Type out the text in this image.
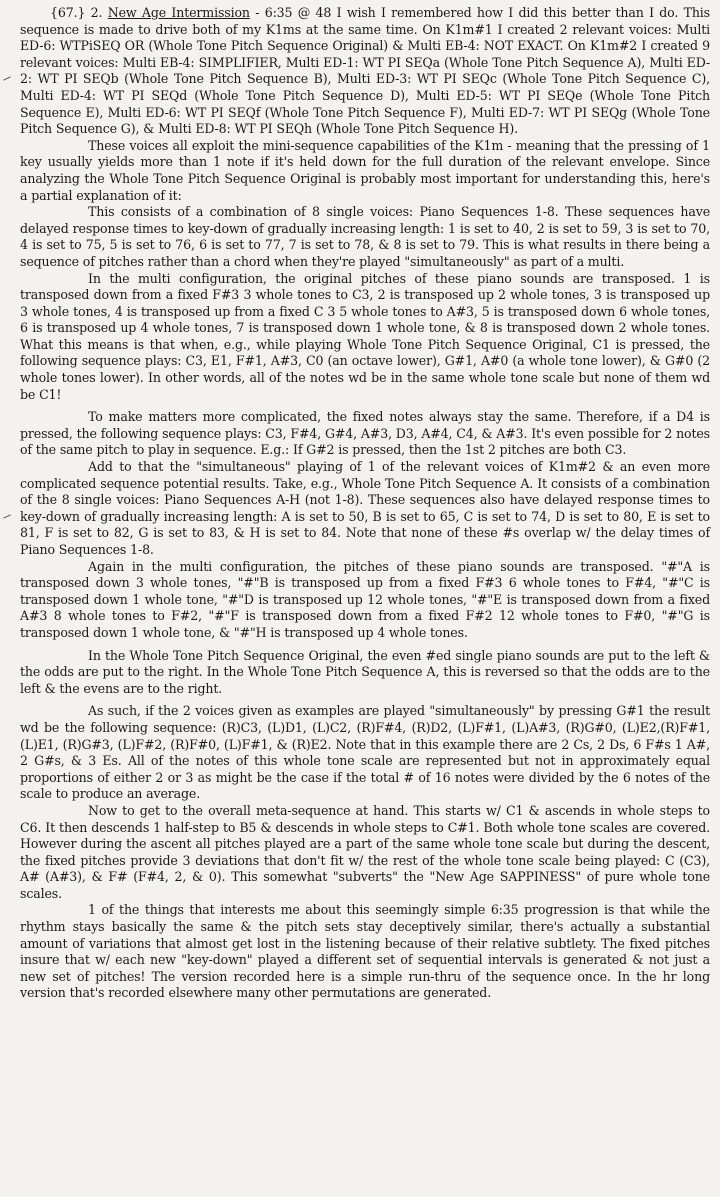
{67.} 2. New Age Intermission - 6:35 @ 48 I wish I remembered how I did this better than I do. This sequence is made to drive both of my K1ms at the same time. On K1m#1 I created 2 relevant voices: Multi ED-6: WTPiSEQ OR (Whole Tone Pitch Sequence Original) & Multi EB-4: NOT EXACT. On K1m#2 I created 9 relevant voices: Multi EB-4: SIMPLIFIER, Multi ED-1: WT PI SEQa (Whole Tone Pitch Sequence A), Multi ED-2: WT PI SEQb (Whole Tone Pitch Sequence B), Multi ED-3: WT PI SEQc (Whole Tone Pitch Sequence C), Multi ED-4: WT PI SEQd (Whole Tone Pitch Sequence D), Multi ED-5: WT PI SEQe (Whole Tone Pitch Sequence E), Multi ED-6: WT PI SEQf (Whole Tone Pitch Sequence F), Multi ED-7: WT PI SEQg (Whole Tone Pitch Sequence G), & Multi ED-8: WT PI SEQh (Whole Tone Pitch Sequence H).

These voices all exploit the mini-sequence capabilities of the K1m - meaning that the pressing of 1 key usually yields more than 1 note if it's held down for the full duration of the relevant envelope. Since analyzing the Whole Tone Pitch Sequence Original is probably most important for understanding this, here's a partial explanation of it:

This consists of a combination of 8 single voices: Piano Sequences 1-8. These sequences have delayed response times to key-down of gradually increasing length: 1 is set to 40, 2 is set to 59, 3 is set to 70, 4 is set to 75, 5 is set to 76, 6 is set to 77, 7 is set to 78, & 8 is set to 79. This is what results in there being a sequence of pitches rather than a chord when they're played "simultaneously" as part of a multi.

In the multi configuration, the original pitches of these piano sounds are transposed. 1 is transposed down from a fixed F#3 3 whole tones to C3, 2 is transposed up 2 whole tones, 3 is transposed up 3 whole tones, 4 is transposed up from a fixed C 3 5 whole tones to A#3, 5 is transposed down 6 whole tones, 6 is transposed up 4 whole tones, 7 is transposed down 1 whole tone, & 8 is transposed down 2 whole tones. What this means is that when, e.g., while playing Whole Tone Pitch Sequence Original, C1 is pressed, the following sequence plays: C3, E1, F#1, A#3, C0 (an octave lower), G#1, A#0 (a whole tone lower), & G#0 (2 whole tones lower). In other words, all of the notes wd be in the same whole tone scale but none of them wd be C1!

To make matters more complicated, the fixed notes always stay the same. Therefore, if a D4 is pressed, the following sequence plays: C3, F#4, G#4, A#3, D3, A#4, C4, & A#3. It's even possible for 2 notes of the same pitch to play in sequence. E.g.: If G#2 is pressed, then the 1st 2 pitches are both C3.

Add to that the "simultaneous" playing of 1 of the relevant voices of K1m#2 & an even more complicated sequence potential results. Take, e.g., Whole Tone Pitch Sequence A. It consists of a combination of the 8 single voices: Piano Sequences A-H (not 1-8). These sequences also have delayed response times to key-down of gradually increasing length: A is set to 50, B is set to 65, C is set to 74, D is set to 80, E is set to 81, F is set to 82, G is set to 83, & H is set to 84. Note that none of these #s overlap w/ the delay times of Piano Sequences 1-8.

Again in the multi configuration, the pitches of these piano sounds are transposed. "#"A is transposed down 3 whole tones, "#"B is transposed up from a fixed F#3 6 whole tones to F#4, "#"C is transposed down 1 whole tone, "#"D is transposed up 12 whole tones, "#"E is transposed down from a fixed A#3 8 whole tones to F#2, "#"F is transposed down from a fixed F#2 12 whole tones to F#0, "#"G is transposed down 1 whole tone, & "#"H is transposed up 4 whole tones.

In the Whole Tone Pitch Sequence Original, the even #ed single piano sounds are put to the left & the odds are put to the right. In the Whole Tone Pitch Sequence A, this is reversed so that the odds are to the left & the evens are to the right.

As such, if the 2 voices given as examples are played "simultaneously" by pressing G#1 the result wd be the following sequence: (R)C3, (L)D1, (L)C2, (R)F#4, (R)D2, (L)F#1, (L)A#3, (R)G#0, (L)E2,(R)F#1, (L)E1, (R)G#3, (L)F#2, (R)F#0, (L)F#1, & (R)E2. Note that in this example there are 2 Cs, 2 Ds, 6 F#s 1 A#, 2 G#s, & 3 Es. All of the notes of this whole tone scale are represented but not in approximately equal proportions of either 2 or 3 as might be the case if the total # of 16 notes were divided by the 6 notes of the scale to produce an average.

Now to get to the overall meta-sequence at hand. This starts w/ C1 & ascends in whole steps to C6. It then descends 1 half-step to B5 & descends in whole steps to C#1. Both whole tone scales are covered. However during the ascent all pitches played are a part of the same whole tone scale but during the descent, the fixed pitches provide 3 deviations that don't fit w/ the rest of the whole tone scale being played: C (C3), A# (A#3), & F# (F#4, 2, & 0). This somewhat "subverts" the "New Age SAPPINESS" of pure whole tone scales.

1 of the things that interests me about this seemingly simple 6:35 progression is that while the rhythm stays basically the same & the pitch sets stay deceptively similar, there's actually a substantial amount of variations that almost get lost in the listening because of their relative subtlety. The fixed pitches insure that w/ each new "key-down" played a different set of sequential intervals is generated & not just a new set of pitches! The version recorded here is a simple run-thru of the sequence once. In the hr long version that's recorded elsewhere many other permutations are generated.
